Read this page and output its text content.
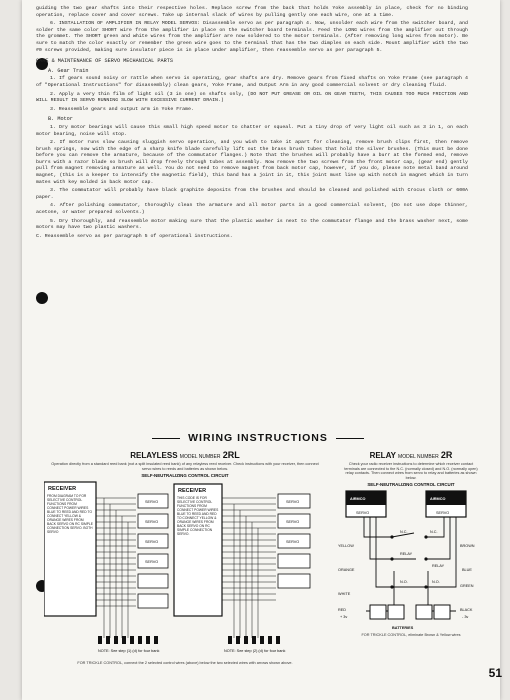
guiding the two gear shafts into their respective holes. Replace screw from the back that holds Yoke assembly in place, check for no binding operation, replace cover and cover screws. Take up internal slack of wires by pulling gently one each wire, one at a time.

6. INSTALLATION OF AMPLIFIER IN RELAY MODEL SERVOS: Disassemble servo as per paragraph 4. Now, unsolder each wire from the switcher board, and solder the same color SHORT wire from the amplifier in place on the switcher board terminals. Feed the LONG wires from the amplifier out through the grommet. The SHORT green and white wires from the amplifier are now soldered to the motor terminals. (After removing long wires from motor). Be sure to match the color exactly or remember the green wire goes to the terminal that has the two dimples on each side. Mount amplifier with the two #0 screws provided, making sure insulator piece is in place under amplifier, then reassemble servo as per paragraph 5.

CARE & MAINTENANCE OF SERVO MECHANICAL PARTS
A. Gear Train

1. If gears sound noisy or rattle when servo is operating, gear shafts are dry. Remove gears from fixed shafts on Yoke Frame (see paragraph 4 of "Operational Instructions" for disassembly) clean gears, Yoke Frame, and Output Arm in any good commercial solvent or dry cleaning fluid.

2. Apply a very thin film of light oil (3 in one) on shafts only, (DO NOT PUT GREASE OR OIL ON GEAR TEETH, THIS CAUSES TOO MUCH FRICTION AND WILL RESULT IN SERVO RUNNING SLOW WITH EXCESSIVE CURRENT DRAIN.)

3. Reassemble gears and output arm in Yoke Frame.

B. Motor

1. Dry motor bearings will cause this small high speed motor to chatter or squeal. Put a tiny drop of very light oil such as 3 in 1, on each motor bearing, noise will stop.

2. If motor runs slow causing sluggish servo operation, and you wish to take it apart for cleaning, remove brush clips first, then remove brush springs, now with the edge of a sharp knife blade carefully lift out the brass brush tubes that hold the silver brushes. (This must be done before you can remove the armature, because of the commutator flanges.) Note that the brushes will probably have a burr at the formed end, remove burrs with a razor blade so brush will drop freely through tubes at assembly. Now remove the two screws from the front motor cap, (gear end) gently pull from magnet removing armature as well. You do not need to remove magnet from back motor cap, however, if you do, please note metal band around magnet, (this is a keeper to intensify the magnetic field), this band has a joint in it, this joint must line up with notch in magnet which in turn mates with key molded in back motor cap.

3. The commutator will probably have black graphite deposits from the brushes and should be cleaned and polished with Crocus cloth or 600A paper.

4. After polishing commutator, thoroughly clean the armature and all motor parts in a good commercial solvent, (Do not use dope thinner, acetone, or water prepared solvents.)

5. Dry thoroughly, and reassemble motor making sure that the plastic washer is next to the commutator flange and the brass washer next, some motors may have two plastic washers.

C. Reassemble servo as per paragraph 5 of operational instructions.

WIRING INSTRUCTIONS
RELAYLESS MODEL NUMBER 2RL
Operation directly from a standard reed bank (not a split insulated reed bank) of any relayless reed receiver. Check instructions with your receiver, then connect servo wires to reeds and batteries as shown below.
SELF-NEUTRALIZING CONTROL CIRCUIT
RECEIVER
FROM DIAGRAM TO FOR SELECTIVE CONTROL FUNCTIONS FROM CONNECT POWER WIRES BLUE TO REED AND RED TO CONNECT YELLOW & ORANGE WIRES FROM BACK SERVO ON RC SIMPLE CONNECTION SERVO. BOTH SERVO
RECEIVER
THIS CODE IS FOR SELECTIVE CONTROL FUNCTIONS FROM CONNECT POWER WIRES BLUE TO REED AND RED TO CONNECT YELLOW & ORANGE WIRES FROM BACK SERVO ON RC SIMPLE CONNECTION SERVO.
SERVO
SERVO
SERVO
SERVO
SERVO
SERVO
SERVO
NOTE: See step (1) (d) for four bank	NOTE: See step (2) (d) for four bank
FOR TRICKLE CONTROL, connect the 2 selected control wires (above) below the two selected wires with arrows shown above.
RELAY MODEL NUMBER 2R
Check your radio receiver instructions to determine which receiver contact terminals are connected to the N.C. (normally closed) and N.O. (normally open) relay contacts. Then connect wires from servo to relay and batteries as shown below.
SELF-NEUTRALIZING CONTROL CIRCUIT
AIRMCO
SERVO
AIRMCO
SERVO
YELLOW
ORANGE
WHITE
RED
+ 3v
BROWN
BLUE
GREEN
BLACK
- 3v
N.C.	N.C.
RELAY
RELAY
N.O.	N.O.
BATTERIES
FOR TRICKLE CONTROL, eliminate Brown & Yellow wires
51
